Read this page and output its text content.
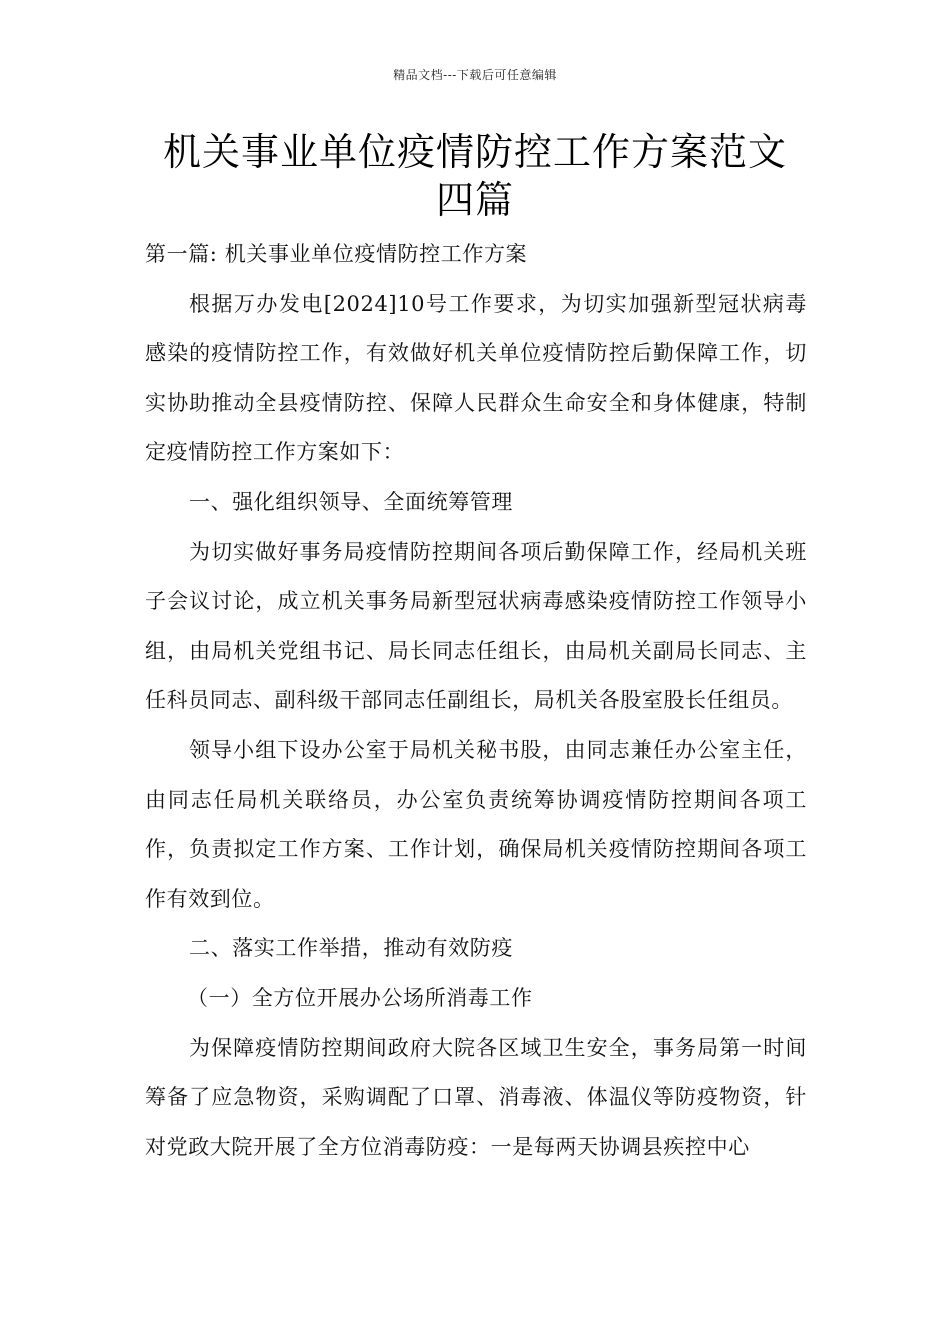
精品文档---下载后可任意编辑
机关事业单位疫情防控工作方案范文四篇

第一篇: 机关事业单位疫情防控工作方案

根据万办发电[2024]10号工作要求，为切实加强新型冠状病毒感染的疫情防控工作，有效做好机关单位疫情防控后勤保障工作，切实协助推动全县疫情防控、保障人民群众生命安全和身体健康，特制定疫情防控工作方案如下：

一、强化组织领导、全面统筹管理

为切实做好事务局疫情防控期间各项后勤保障工作，经局机关班子会议讨论，成立机关事务局新型冠状病毒感染疫情防控工作领导小组，由局机关党组书记、局长同志任组长，由局机关副局长同志、主任科员同志、副科级干部同志任副组长，局机关各股室股长任组员。

领导小组下设办公室于局机关秘书股，由同志兼任办公室主任，由同志任局机关联络员，办公室负责统筹协调疫情防控期间各项工作，负责拟定工作方案、工作计划，确保局机关疫情防控期间各项工作有效到位。

二、落实工作举措，推动有效防疫

（一）全方位开展办公场所消毒工作

为保障疫情防控期间政府大院各区域卫生安全，事务局第一时间筹备了应急物资，采购调配了口罩、消毒液、体温仪等防疫物资，针对党政大院开展了全方位消毒防疫：一是每两天协调县疾控中心
